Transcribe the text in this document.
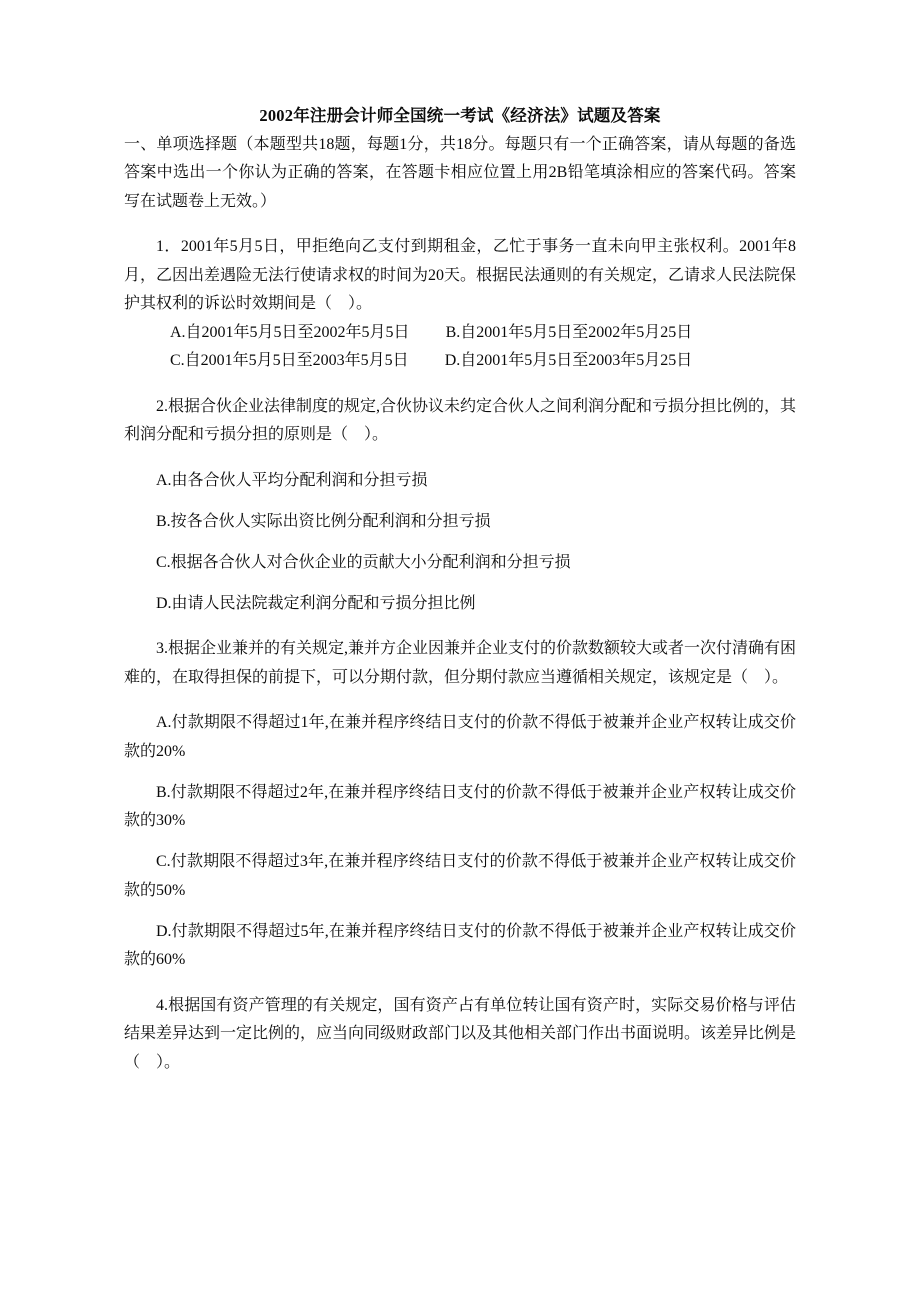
2002年注册会计师全国统一考试《经济法》试题及答案

一、单项选择题（本题型共18题，每题1分，共18分。每题只有一个正确答案，请从每题的备选答案中选出一个你认为正确的答案，在答题卡相应位置上用2B铅笔填涂相应的答案代码。答案写在试题卷上无效。）

1．2001年5月5日，甲拒绝向乙支付到期租金，乙忙于事务一直未向甲主张权利。2001年8月，乙因出差遇险无法行使请求权的时间为20天。根据民法通则的有关规定，乙请求人民法院保护其权利的诉讼时效期间是（　）。

A.自2001年5月5日至2002年5月5日 B.自2001年5月5日至2002年5月25日

C.自2001年5月5日至2003年5月5日 D.自2001年5月5日至2003年5月25日

2.根据合伙企业法律制度的规定,合伙协议未约定合伙人之间利润分配和亏损分担比例的，其利润分配和亏损分担的原则是（　）。

A.由各合伙人平均分配利润和分担亏损

B.按各合伙人实际出资比例分配利润和分担亏损

C.根据各合伙人对合伙企业的贡献大小分配利润和分担亏损

D.由请人民法院裁定利润分配和亏损分担比例

3.根据企业兼并的有关规定,兼并方企业因兼并企业支付的价款数额较大或者一次付清确有困难的，在取得担保的前提下，可以分期付款，但分期付款应当遵循相关规定，该规定是（　）。

A.付款期限不得超过1年,在兼并程序终结日支付的价款不得低于被兼并企业产权转让成交价款的20%

B.付款期限不得超过2年,在兼并程序终结日支付的价款不得低于被兼并企业产权转让成交价款的30%

C.付款期限不得超过3年,在兼并程序终结日支付的价款不得低于被兼并企业产权转让成交价款的50%

D.付款期限不得超过5年,在兼并程序终结日支付的价款不得低于被兼并企业产权转让成交价款的60%

4.根据国有资产管理的有关规定，国有资产占有单位转让国有资产时，实际交易价格与评估结果差异达到一定比例的，应当向同级财政部门以及其他相关部门作出书面说明。该差异比例是（　）。
